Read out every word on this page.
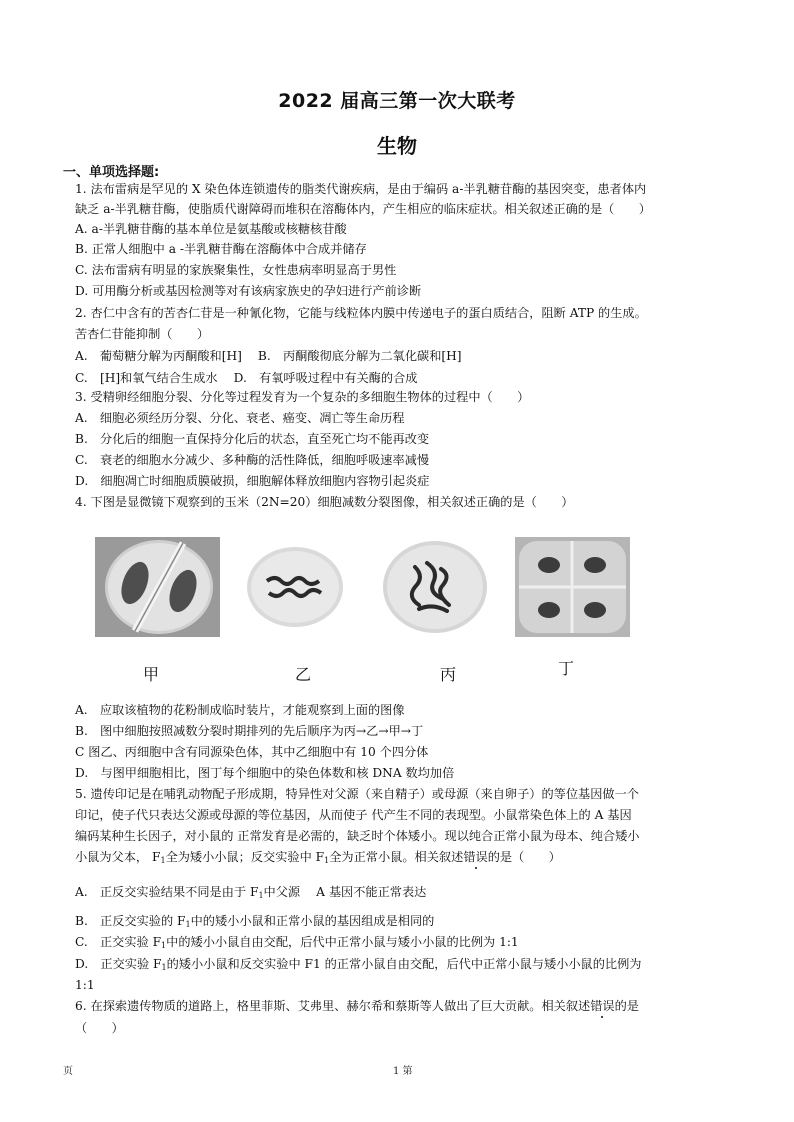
2022 届高三第一次大联考
生物
一、单项选择题:
1. 法布雷病是罕见的 X 染色体连锁遗传的脂类代谢疾病，是由于编码 a-半乳糖苷酶的基因突变，患者体内
缺乏 a-半乳糖苷酶，使脂质代谢障碍而堆积在溶酶体内，产生相应的临床症状。相关叙述正确的是（　　）
A. a-半乳糖苷酶的基本单位是氨基酸或核糖核苷酸
B. 正常人细胞中 a -半乳糖苷酶在溶酶体中合成并储存
C. 法布雷病有明显的家族聚集性，女性患病率明显高于男性
D. 可用酶分析或基因检测等对有该病家族史的孕妇进行产前诊断
2. 杏仁中含有的苦杏仁苷是一种氰化物，它能与线粒体内膜中传递电子的蛋白质结合，阻断 ATP 的生成。
苦杏仁苷能抑制（　　）
A.　葡萄糖分解为丙酮酸和[H]　 B.　丙酮酸彻底分解为二氧化碳和[H]
C.　[H]和氧气结合生成水　 D.　有氧呼吸过程中有关酶的合成
3. 受精卵经细胞分裂、分化等过程发育为一个复杂的多细胞生物体的过程中（　　）
A.　细胞必须经历分裂、分化、衰老、癌变、凋亡等生命历程
B.　分化后的细胞一直保持分化后的状态，直至死亡均不能再改变
C.　衰老的细胞水分减少、多种酶的活性降低，细胞呼吸速率减慢
D.　细胞凋亡时细胞质膜破损，细胞解体释放细胞内容物引起炎症
4. 下图是显微镜下观察到的玉米（2N=20）细胞减数分裂图像，相关叙述正确的是（　　）
甲	乙	丙	丁
A.　应取该植物的花粉制成临时装片，才能观察到上面的图像
B.　图中细胞按照减数分裂时期排列的先后顺序为丙→乙→甲→丁
C 图乙、丙细胞中含有同源染色体，其中乙细胞中有 10 个四分体
D.　与图甲细胞相比，图丁每个细胞中的染色体数和核 DNA 数均加倍
5. 遗传印记是在哺乳动物配子形成期，特异性对父源（来自精子）或母源（来自卵子）的等位基因做一个
印记，使子代只表达父源或母源的等位基因，从而使子 代产生不同的表现型。小鼠常染色体上的 A 基因
编码某种生长因子，对小鼠的 正常发育是必需的，缺乏时个体矮小。现以纯合正常小鼠为母本、纯合矮小
小鼠为父本， $F_1$全为矮小小鼠；反交实验中 $F_1$全为正常小鼠。相关叙述错误的是（　　）
A.　正反交实验结果不同是由于 $F_1$中父源　 A 基因不能正常表达
B.　正反交实验的 $F_1$中的矮小小鼠和正常小鼠的基因组成是相同的
C.　正交实验 $F_1$中的矮小小鼠自由交配，后代中正常小鼠与矮小小鼠的比例为 1:1
D.　正交实验 $F_1$的矮小小鼠和反交实验中 F1 的正常小鼠自由交配，后代中正常小鼠与矮小小鼠的比例为
1:1
6. 在探索遗传物质的道路上，格里菲斯、艾弗里、赫尔希和蔡斯等人做出了巨大贡献。相关叙述错误的是
（　　）
页	1 第
